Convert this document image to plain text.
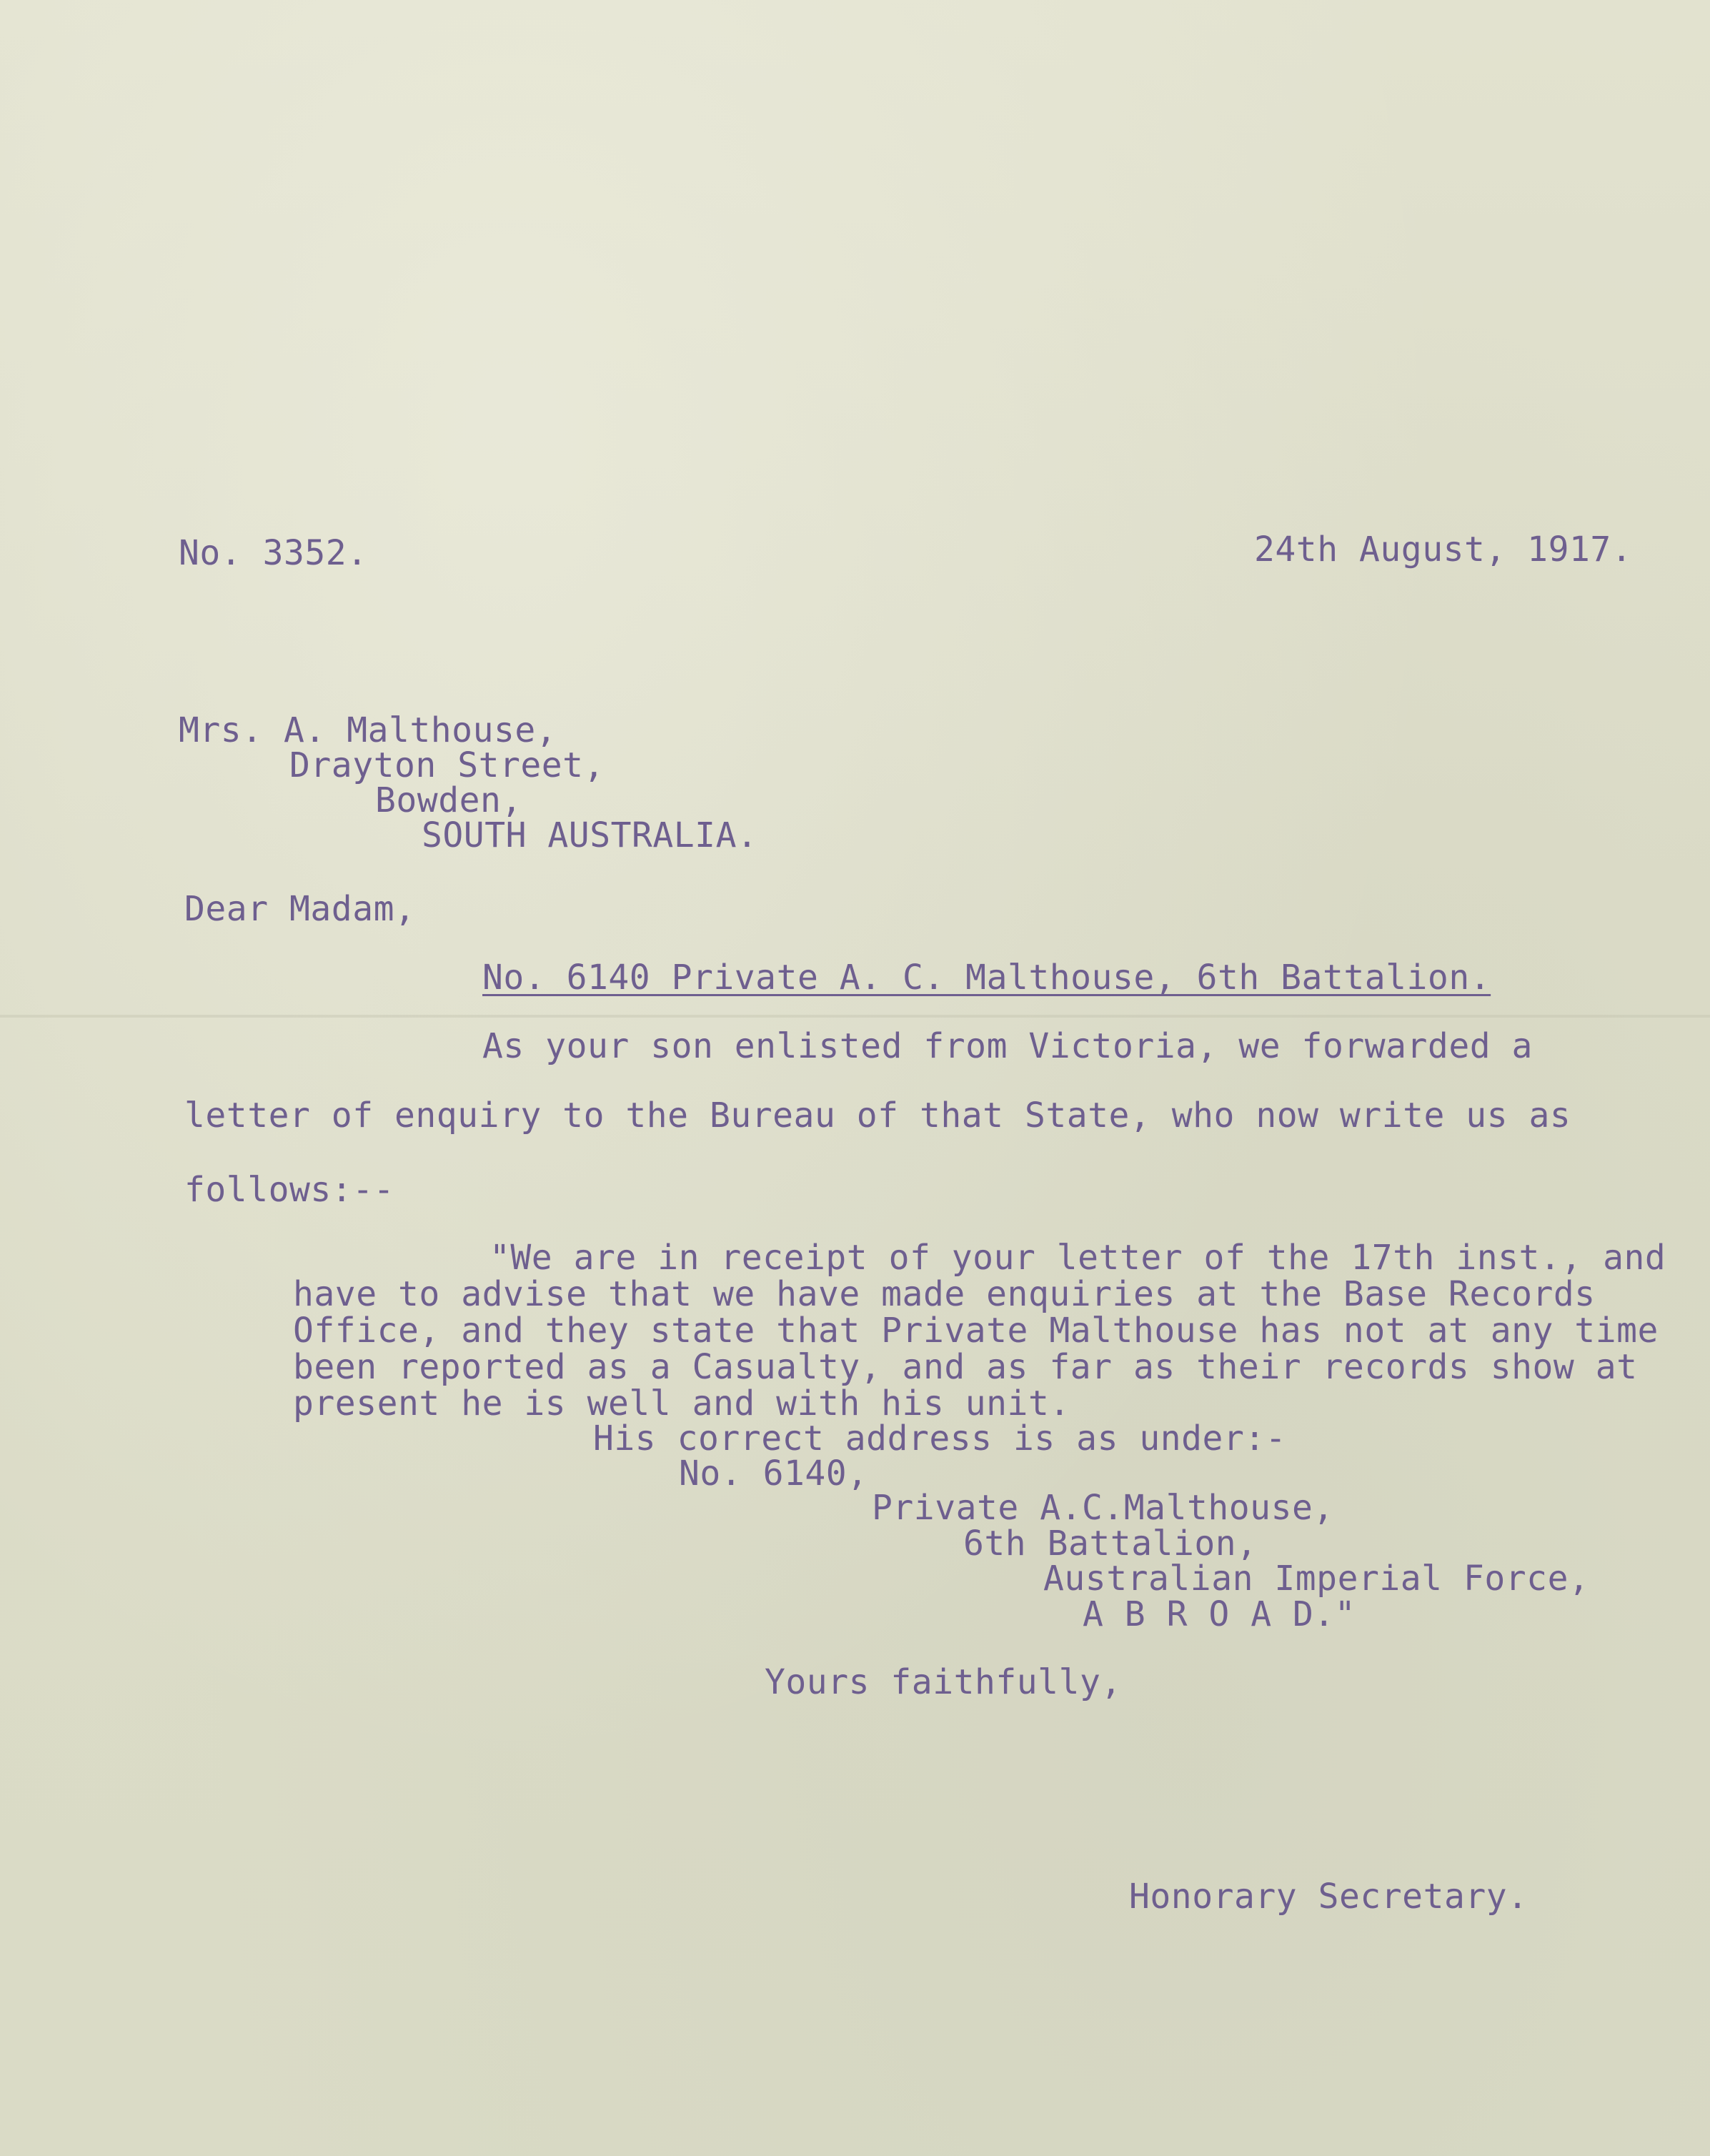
No. 3352.	24th August, 1917.
Mrs. A. Malthouse,
Drayton Street,
Bowden,
SOUTH AUSTRALIA.
Dear Madam,
No. 6140 Private A. C. Malthouse, 6th Battalion.
As your son enlisted from Victoria, we forwarded a
letter of enquiry to the Bureau of that State, who now write us as
follows:--
"We are in receipt of your letter of the 17th inst., and
have to advise that we have made enquiries at the Base Records
Office, and they state that Private Malthouse has not at any time
been reported as a Casualty, and as far as their records show at
present he is well and with his unit.
His correct address is as under:-
No. 6140,
Private A.C.Malthouse,
6th Battalion,
Australian Imperial Force,
A B R O A D."
Yours faithfully,
Honorary Secretary.
